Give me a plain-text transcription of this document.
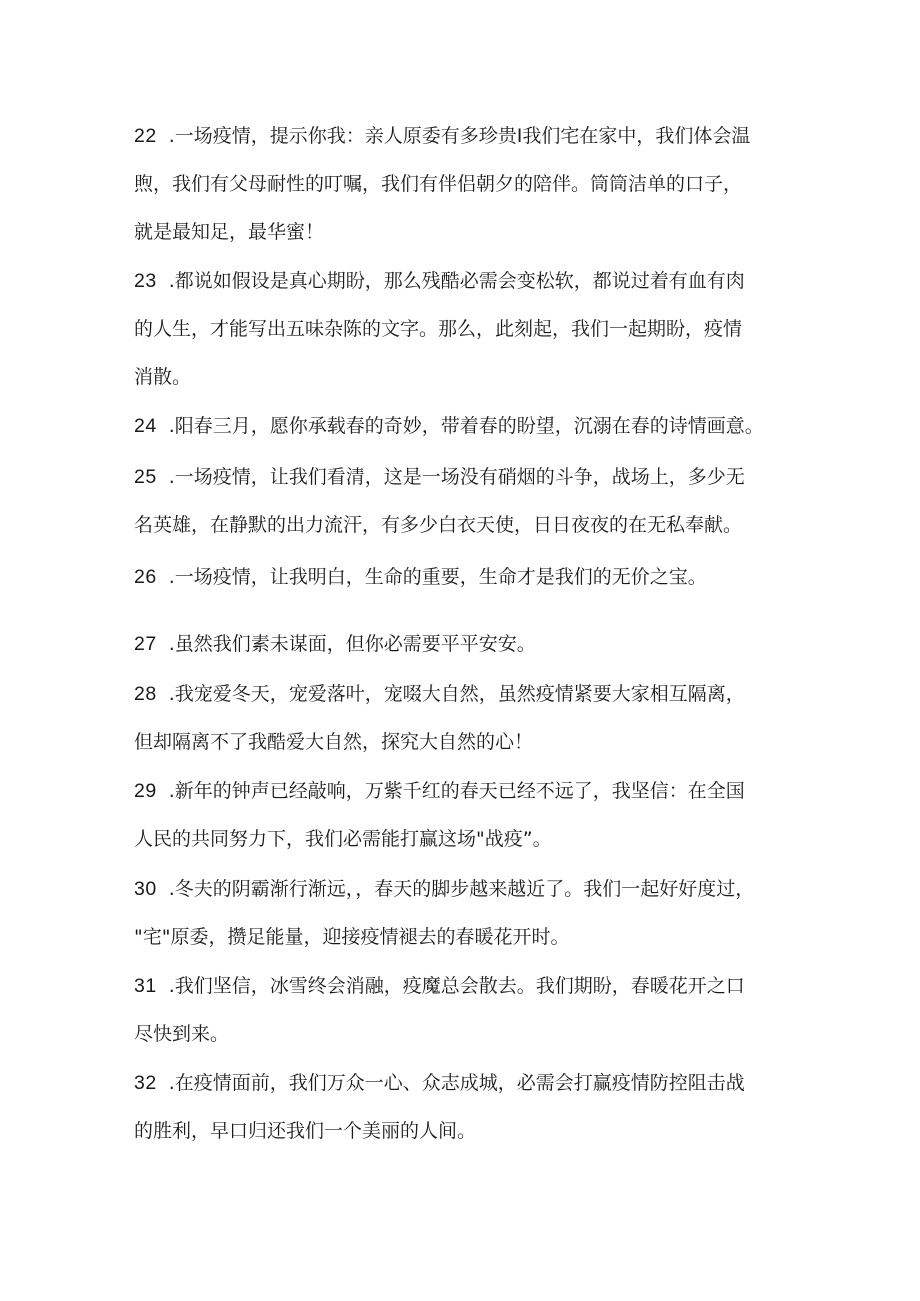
22 .一场疫情，提示你我：亲人原委有多珍贵I我们宅在家中，我们体会温
煦，我们有父母耐性的叮嘱，我们有伴侣朝夕的陪伴。筒筒洁单的口子，
就是最知足，最华蜜！
23 .都说如假设是真心期盼，那么残酷必需会变松软，都说过着有血有肉
的人生，才能写出五味杂陈的文字。那么，此刻起，我们一起期盼，疫情
消散。
24 .阳春三月，愿你承载春的奇妙，带着春的盼望，沉溺在春的诗情画意。
25 .一场疫情，让我们看清，这是一场没有硝烟的斗争，战场上，多少无
名英雄，在静默的出力流汗，有多少白衣天使，日日夜夜的在无私奉献。
26 .一场疫情，让我明白，生命的重要，生命才是我们的无价之宝。
27 .虽然我们素未谋面，但你必需要平平安安。
28 .我宠爱冬天，宠爱落叶，宠啜大自然，虽然疫情紧要大家相互隔离，
但却隔离不了我酷爱大自然，探究大自然的心！
29 .新年的钟声已经敲响，万紫千红的春天已经不远了，我坚信：在全国
人民的共同努力下，我们必需能打赢这场"战疫”。
30 .冬夫的阴霸渐行渐远，，春天的脚步越来越近了。我们一起好好度过，
"宅"原委，攒足能量，迎接疫情褪去的春暖花开时。
31 .我们坚信，冰雪终会消融，疫魔总会散去。我们期盼，春暖花开之口
尽快到来。
32 .在疫情面前，我们万众一心、众志成城，必需会打赢疫情防控阻击战
的胜利，早口归还我们一个美丽的人间。
